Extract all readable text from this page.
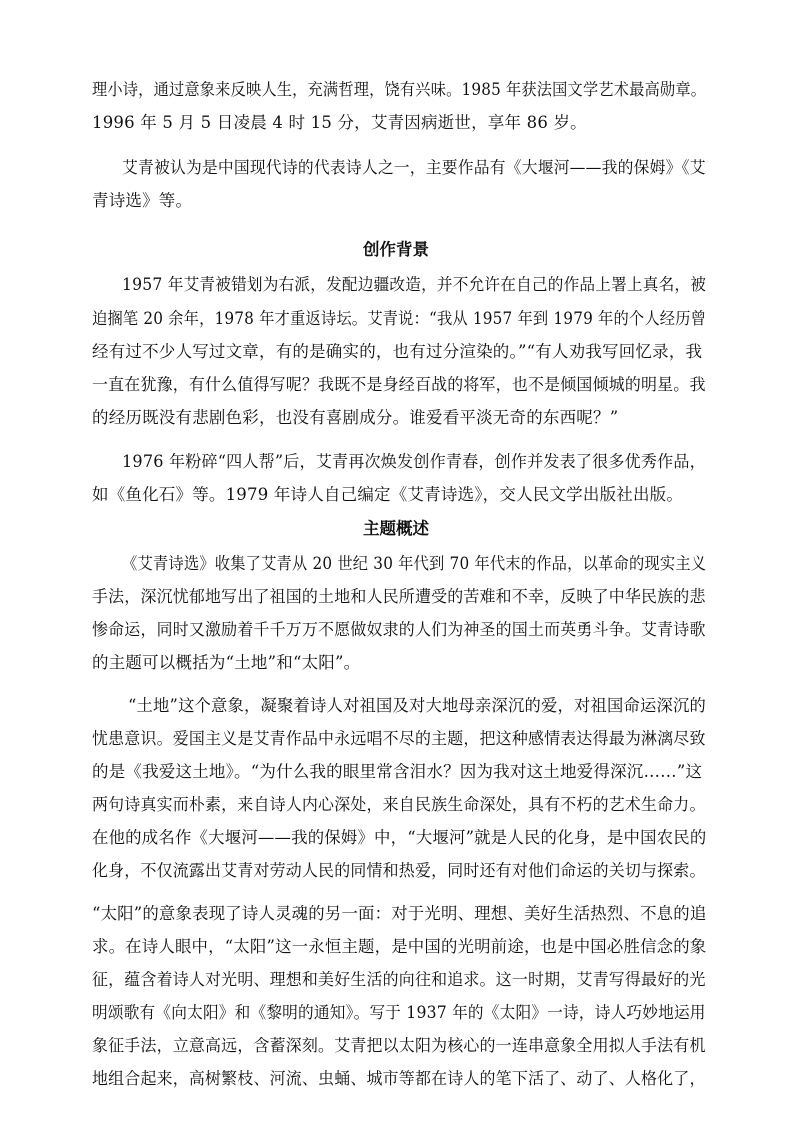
理小诗，通过意象来反映人生，充满哲理，饶有兴味。1985 年获法国文学艺术最高勋章。
1996 年 5 月 5 日凌晨 4 时 15 分，艾青因病逝世，享年 86 岁。
艾青被认为是中国现代诗的代表诗人之一，主要作品有《大堰河——我的保姆》《艾
青诗选》等。
创作背景
1957 年艾青被错划为右派，发配边疆改造，并不允许在自己的作品上署上真名，被
迫搁笔 20 余年，1978 年才重返诗坛。艾青说：“我从 1957 年到 1979 年的个人经历曾
经有过不少人写过文章，有的是确实的，也有过分渲染的。”“有人劝我写回忆录，我
一直在犹豫，有什么值得写呢？我既不是身经百战的将军，也不是倾国倾城的明星。我
的经历既没有悲剧色彩，也没有喜剧成分。谁爱看平淡无奇的东西呢？”
1976 年粉碎“四人帮”后，艾青再次焕发创作青春，创作并发表了很多优秀作品，
如《鱼化石》等。1979 年诗人自己编定《艾青诗选》，交人民文学出版社出版。
主题概述
《艾青诗选》收集了艾青从 20 世纪 30 年代到 70 年代末的作品，以革命的现实主义
手法，深沉忧郁地写出了祖国的土地和人民所遭受的苦难和不幸，反映了中华民族的悲
惨命运，同时又激励着千千万万不愿做奴隶的人们为神圣的国土而英勇斗争。艾青诗歌
的主题可以概括为“土地”和“太阳”。
“土地”这个意象，凝聚着诗人对祖国及对大地母亲深沉的爱，对祖国命运深沉的
忧患意识。爱国主义是艾青作品中永远唱不尽的主题，把这种感情表达得最为淋漓尽致
的是《我爱这土地》。“为什么我的眼里常含泪水？因为我对这土地爱得深沉……”这
两句诗真实而朴素，来自诗人内心深处，来自民族生命深处，具有不朽的艺术生命力。
在他的成名作《大堰河——我的保姆》中，“大堰河”就是人民的化身，是中国农民的
化身，不仅流露出艾青对劳动人民的同情和热爱，同时还有对他们命运的关切与探索。
“太阳”的意象表现了诗人灵魂的另一面：对于光明、理想、美好生活热烈、不息的追
求。在诗人眼中，“太阳”这一永恒主题，是中国的光明前途，也是中国必胜信念的象
征，蕴含着诗人对光明、理想和美好生活的向往和追求。这一时期，艾青写得最好的光
明颂歌有《向太阳》和《黎明的通知》。写于 1937 年的《太阳》一诗，诗人巧妙地运用
象征手法，立意高远，含蓄深刻。艾青把以太阳为核心的一连串意象全用拟人手法有机
地组合起来，高树繁枝、河流、虫蛹、城市等都在诗人的笔下活了、动了、人格化了，
